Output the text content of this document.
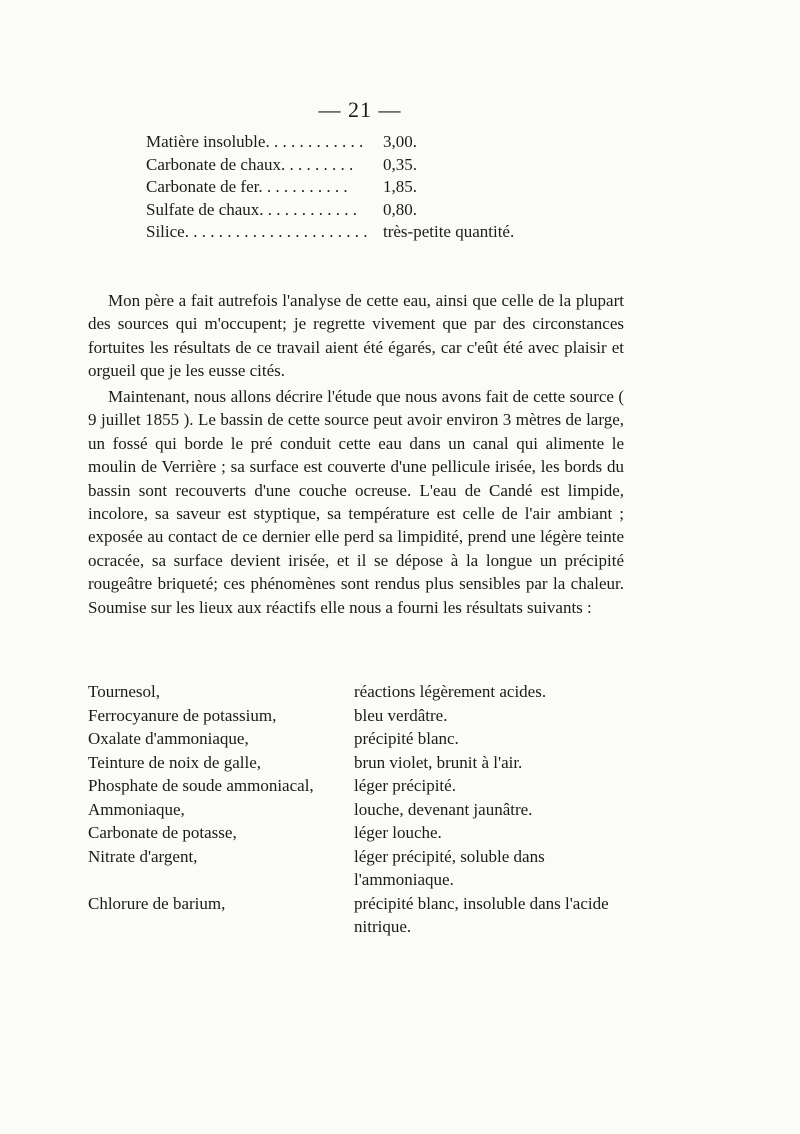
— 21 —
Matière insoluble. . . . . . . . . . . . 3,00.
Carbonate de chaux. . . . . . . . . 0,35.
Carbonate de fer. . . . . . . . . . . 1,85.
Sulfate de chaux. . . . . . . . . . . . 0,80.
Silice. . . . . . . . . . . . . . . . . . . . . . très-petite quantité.

Mon père a fait autrefois l'analyse de cette eau, ainsi que celle de la plupart des sources qui m'occupent; je regrette vivement que par des circonstances fortuites les résultats de ce travail aient été égarés, car c'eût été avec plaisir et orgueil que je les eusse cités.

Maintenant, nous allons décrire l'étude que nous avons fait de cette source ( 9 juillet 1855 ). Le bassin de cette source peut avoir environ 3 mètres de large, un fossé qui borde le pré conduit cette eau dans un canal qui alimente le moulin de Verrière ; sa surface est couverte d'une pellicule irisée, les bords du bassin sont recouverts d'une couche ocreuse. L'eau de Candé est limpide, incolore, sa saveur est styptique, sa température est celle de l'air ambiant ; exposée au contact de ce dernier elle perd sa limpidité, prend une légère teinte ocracée, sa surface devient irisée, et il se dépose à la longue un précipité rougeâtre briqueté; ces phénomènes sont rendus plus sensibles par la chaleur. Soumise sur les lieux aux réactifs elle nous a fourni les résultats suivants :

Tournesol,	réactions légèrement acides.
Ferrocyanure de potassium,	bleu verdâtre.
Oxalate d'ammoniaque,	précipité blanc.
Teinture de noix de galle,	brun violet, brunit à l'air.
Phosphate de soude ammoniacal,	léger précipité.
Ammoniaque,	louche, devenant jaunâtre.
Carbonate de potasse,	léger louche.
Nitrate d'argent,	léger précipité, soluble dans l'ammoniaque.
Chlorure de barium,	précipité blanc, insoluble dans l'acide nitrique.
